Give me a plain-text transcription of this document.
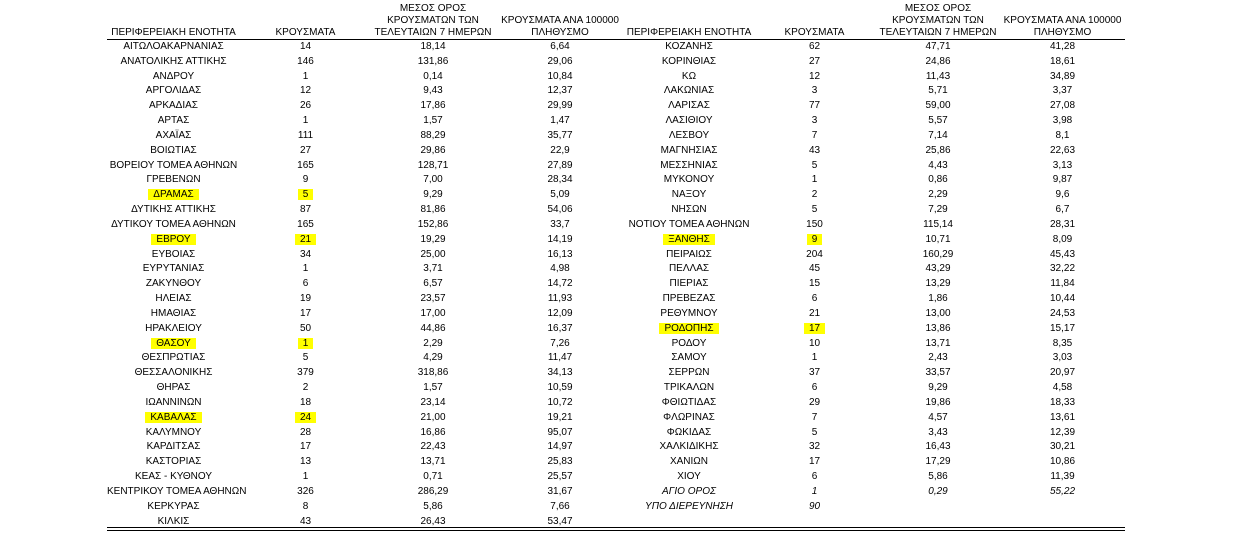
ΠΕΡΙΦΕΡΕΙΑΚΗ ΕΝΟΤΗΤΑ	ΚΡΟΥΣΜΑΤΑ	ΜΕΣΟΣ ΟΡΟΣ ΚΡΟΥΣΜΑΤΩΝ ΤΩΝ ΤΕΛΕΥΤΑΙΩΝ 7 ΗΜΕΡΩΝ	ΚΡΟΥΣΜΑΤΑ ΑΝΑ 100000 ΠΛΗΘΥΣΜΟ
ΑΙΤΩΛΟΑΚΑΡΝΑΝΙΑΣ	14	18,14	6,64
ΑΝΑΤΟΛΙΚΗΣ ΑΤΤΙΚΗΣ	146	131,86	29,06
ΑΝΔΡΟΥ	1	0,14	10,84
ΑΡΓΟΛΙΔΑΣ	12	9,43	12,37
ΑΡΚΑΔΙΑΣ	26	17,86	29,99
ΑΡΤΑΣ	1	1,57	1,47
ΑΧΑΪΑΣ	111	88,29	35,77
ΒΟΙΩΤΙΑΣ	27	29,86	22,9
ΒΟΡΕΙΟΥ ΤΟΜΕΑ ΑΘΗΝΩΝ	165	128,71	27,89
ΓΡΕΒΕΝΩΝ	9	7,00	28,34
ΔΡΑΜΑΣ	5	9,29	5,09
ΔΥΤΙΚΗΣ ΑΤΤΙΚΗΣ	87	81,86	54,06
ΔΥΤΙΚΟΥ ΤΟΜΕΑ ΑΘΗΝΩΝ	165	152,86	33,7
ΕΒΡΟΥ	21	19,29	14,19
ΕΥΒΟΙΑΣ	34	25,00	16,13
ΕΥΡΥΤΑΝΙΑΣ	1	3,71	4,98
ΖΑΚΥΝΘΟΥ	6	6,57	14,72
ΗΛΕΙΑΣ	19	23,57	11,93
ΗΜΑΘΙΑΣ	17	17,00	12,09
ΗΡΑΚΛΕΙΟΥ	50	44,86	16,37
ΘΑΣΟΥ	1	2,29	7,26
ΘΕΣΠΡΩΤΙΑΣ	5	4,29	11,47
ΘΕΣΣΑΛΟΝΙΚΗΣ	379	318,86	34,13
ΘΗΡΑΣ	2	1,57	10,59
ΙΩΑΝΝΙΝΩΝ	18	23,14	10,72
ΚΑΒΑΛΑΣ	24	21,00	19,21
ΚΑΛΥΜΝΟΥ	28	16,86	95,07
ΚΑΡΔΙΤΣΑΣ	17	22,43	14,97
ΚΑΣΤΟΡΙΑΣ	13	13,71	25,83
ΚΕΑΣ - ΚΥΘΝΟΥ	1	0,71	25,57
ΚΕΝΤΡΙΚΟΥ ΤΟΜΕΑ ΑΘΗΝΩΝ	326	286,29	31,67
ΚΕΡΚΥΡΑΣ	8	5,86	7,66
ΚΙΛΚΙΣ	43	26,43	53,47
ΠΕΡΙΦΕΡΕΙΑΚΗ ΕΝΟΤΗΤΑ	ΚΡΟΥΣΜΑΤΑ	ΜΕΣΟΣ ΟΡΟΣ ΚΡΟΥΣΜΑΤΩΝ ΤΩΝ ΤΕΛΕΥΤΑΙΩΝ 7 ΗΜΕΡΩΝ	ΚΡΟΥΣΜΑΤΑ ΑΝΑ 100000 ΠΛΗΘΥΣΜΟ
ΚΟΖΑΝΗΣ	62	47,71	41,28
ΚΟΡΙΝΘΙΑΣ	27	24,86	18,61
ΚΩ	12	11,43	34,89
ΛΑΚΩΝΙΑΣ	3	5,71	3,37
ΛΑΡΙΣΑΣ	77	59,00	27,08
ΛΑΣΙΘΙΟΥ	3	5,57	3,98
ΛΕΣΒΟΥ	7	7,14	8,1
ΜΑΓΝΗΣΙΑΣ	43	25,86	22,63
ΜΕΣΣΗΝΙΑΣ	5	4,43	3,13
ΜΥΚΟΝΟΥ	1	0,86	9,87
ΝΑΞΟΥ	2	2,29	9,6
ΝΗΣΩΝ	5	7,29	6,7
ΝΟΤΙΟΥ ΤΟΜΕΑ ΑΘΗΝΩΝ	150	115,14	28,31
ΞΑΝΘΗΣ	9	10,71	8,09
ΠΕΙΡΑΙΩΣ	204	160,29	45,43
ΠΕΛΛΑΣ	45	43,29	32,22
ΠΙΕΡΙΑΣ	15	13,29	11,84
ΠΡΕΒΕΖΑΣ	6	1,86	10,44
ΡΕΘΥΜΝΟΥ	21	13,00	24,53
ΡΟΔΟΠΗΣ	17	13,86	15,17
ΡΟΔΟΥ	10	13,71	8,35
ΣΑΜΟΥ	1	2,43	3,03
ΣΕΡΡΩΝ	37	33,57	20,97
ΤΡΙΚΑΛΩΝ	6	9,29	4,58
ΦΘΙΩΤΙΔΑΣ	29	19,86	18,33
ΦΛΩΡΙΝΑΣ	7	4,57	13,61
ΦΩΚΙΔΑΣ	5	3,43	12,39
ΧΑΛΚΙΔΙΚΗΣ	32	16,43	30,21
ΧΑΝΙΩΝ	17	17,29	10,86
ΧΙΟΥ	6	5,86	11,39
ΑΓΙΟ ΟΡΟΣ	1	0,29	55,22
ΥΠΟ ΔΙΕΡΕΥΝΗΣΗ	90		
